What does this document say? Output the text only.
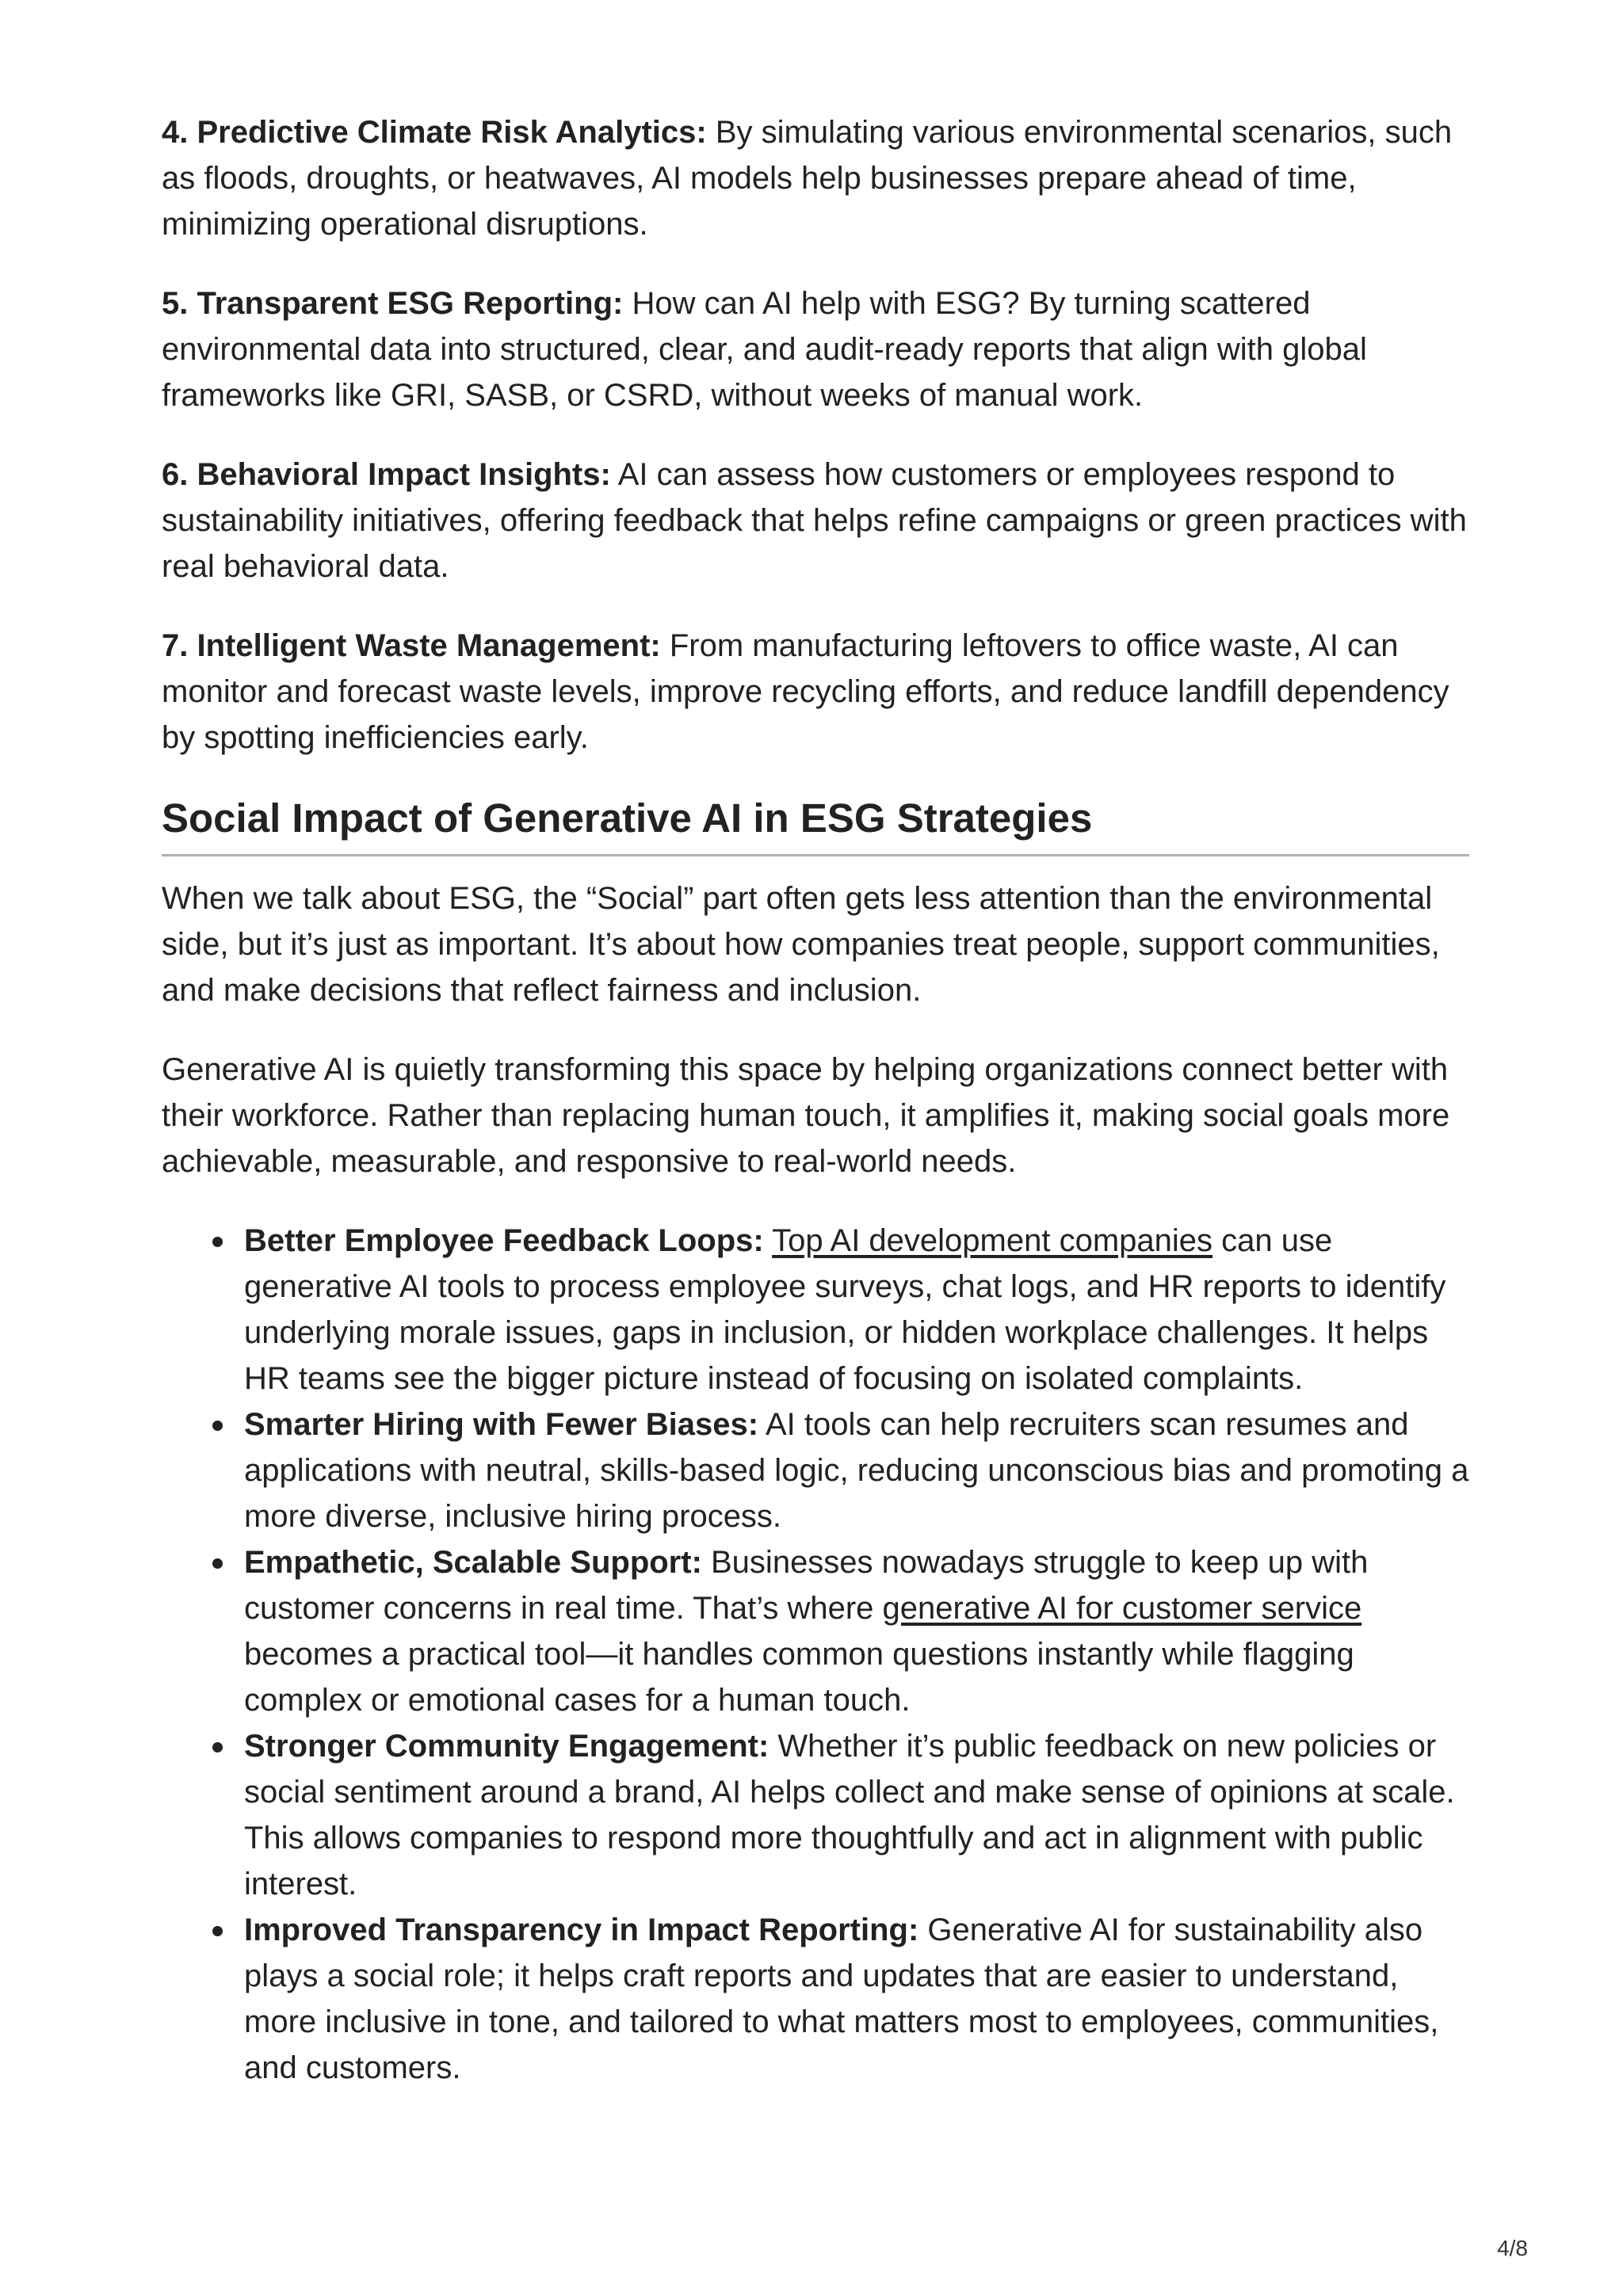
4. Predictive Climate Risk Analytics: By simulating various environmental scenarios, such as floods, droughts, or heatwaves, AI models help businesses prepare ahead of time, minimizing operational disruptions.

5. Transparent ESG Reporting: How can AI help with ESG? By turning scattered environmental data into structured, clear, and audit-ready reports that align with global frameworks like GRI, SASB, or CSRD, without weeks of manual work.

6. Behavioral Impact Insights: AI can assess how customers or employees respond to sustainability initiatives, offering feedback that helps refine campaigns or green practices with real behavioral data.

7. Intelligent Waste Management: From manufacturing leftovers to office waste, AI can monitor and forecast waste levels, improve recycling efforts, and reduce landfill dependency by spotting inefficiencies early.

Social Impact of Generative AI in ESG Strategies

When we talk about ESG, the “Social” part often gets less attention than the environmental side, but it’s just as important. It’s about how companies treat people, support communities, and make decisions that reflect fairness and inclusion.

Generative AI is quietly transforming this space by helping organizations connect better with their workforce. Rather than replacing human touch, it amplifies it, making social goals more achievable, measurable, and responsive to real-world needs.

Better Employee Feedback Loops: Top AI development companies can use generative AI tools to process employee surveys, chat logs, and HR reports to identify underlying morale issues, gaps in inclusion, or hidden workplace challenges. It helps HR teams see the bigger picture instead of focusing on isolated complaints.
Smarter Hiring with Fewer Biases: AI tools can help recruiters scan resumes and applications with neutral, skills-based logic, reducing unconscious bias and promoting a more diverse, inclusive hiring process.
Empathetic, Scalable Support: Businesses nowadays struggle to keep up with customer concerns in real time. That’s where generative AI for customer service becomes a practical tool—it handles common questions instantly while flagging complex or emotional cases for a human touch.
Stronger Community Engagement: Whether it’s public feedback on new policies or social sentiment around a brand, AI helps collect and make sense of opinions at scale. This allows companies to respond more thoughtfully and act in alignment with public interest.
Improved Transparency in Impact Reporting: Generative AI for sustainability also plays a social role; it helps craft reports and updates that are easier to understand, more inclusive in tone, and tailored to what matters most to employees, communities, and customers.
4/8
